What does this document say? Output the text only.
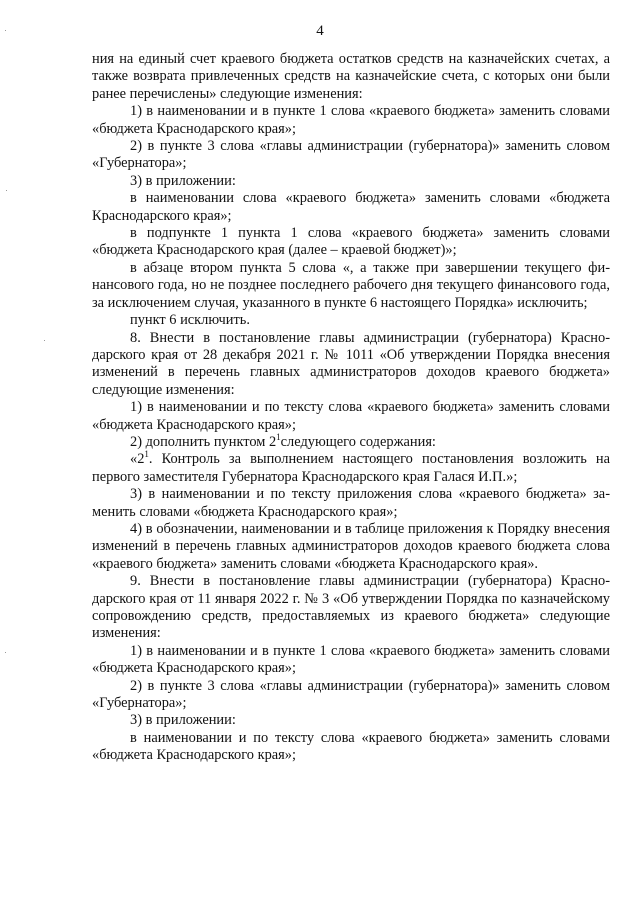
4

ния на единый счет краевого бюджета остатков средств на казначейских счетах, а также возврата привлеченных средств на казначейские счета, с которых они были ранее перечислены» следующие изменения:

1) в наименовании и в пункте 1 слова «краевого бюджета» заменить словами «бюджета Краснодарского края»;

2) в пункте 3 слова «главы администрации (губернатора)» заменить словом «Губернатора»;

3) в приложении:

в наименовании слова «краевого бюджета» заменить словами «бюджета Краснодарского края»;

в подпункте 1 пункта 1 слова «краевого бюджета» заменить словами «бюджета Краснодарского края (далее – краевой бюджет)»;

в абзаце втором пункта 5 слова «, а также при завершении текущего финансового года, но не позднее последнего рабочего дня текущего финансового года, за исключением случая, указанного в пункте 6 настоящего Порядка» исключить;

пункт 6 исключить.

8. Внести в постановление главы администрации (губернатора) Краснодарского края от 28 декабря 2021 г. № 1011 «Об утверждении Порядка внесения изменений в перечень главных администраторов доходов краевого бюджета» следующие изменения:

1) в наименовании и по тексту слова «краевого бюджета» заменить словами «бюджета Краснодарского края»;

2) дополнить пунктом $2^1следующего$ содержания:

«$2^1$. Контроль за выполнением настоящего постановления возложить на первого заместителя Губернатора Краснодарского края Галася И.П.»;

3) в наименовании и по тексту приложения слова «краевого бюджета» заменить словами «бюджета Краснодарского края»;

4) в обозначении, наименовании и в таблице приложения к Порядку внесения изменений в перечень главных администраторов доходов краевого бюджета слова «краевого бюджета» заменить словами «бюджета Краснодарского края».

9. Внести в постановление главы администрации (губернатора) Краснодарского края от 11 января 2022 г. № 3 «Об утверждении Порядка по казначейскому сопровождению средств, предоставляемых из краевого бюджета» следующие изменения:

1) в наименовании и в пункте 1 слова «краевого бюджета» заменить словами «бюджета Краснодарского края»;

2) в пункте 3 слова «главы администрации (губернатора)» заменить словом «Губернатора»;

3) в приложении:

в наименовании и по тексту слова «краевого бюджета» заменить словами «бюджета Краснодарского края»;
